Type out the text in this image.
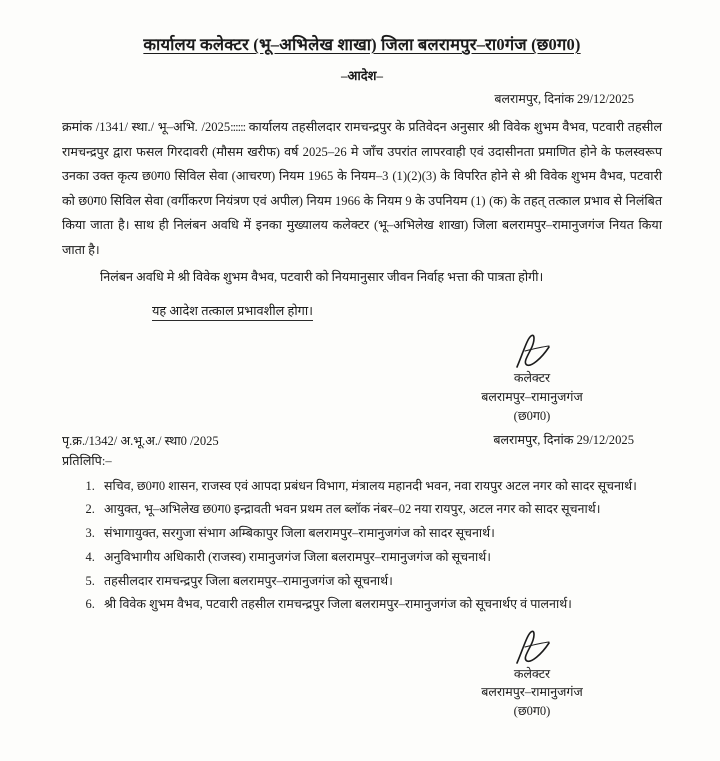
कार्यालय कलेक्टर (भू–अभिलेख शाखा) जिला बलरामपुर–रा0गंज (छ0ग0)
–आदेश–
बलरामपुर, दिनांक 29/12/2025

क्रमांक /1341/ स्था./ भू–अभि. /2025 :::::: कार्यालय तहसीलदार रामचन्द्रपुर के प्रतिवेदन अनुसार श्री विवेक शुभम वैभव, पटवारी तहसील रामचन्द्रपुर द्वारा फसल गिरदावरी (मौसम खरीफ) वर्ष 2025–26 मे जाँच उपरांत लापरवाही एवं उदासीनता प्रमाणित होने के फलस्वरूप उनका उक्त कृत्य छ0ग0 सिविल सेवा (आचरण) नियम 1965 के नियम–3 (1)(2)(3) के विपरित होने से श्री विवेक शुभम वैभव, पटवारी को छ0ग0 सिविल सेवा (वर्गीकरण नियंत्रण एवं अपील) नियम 1966 के नियम 9 के उपनियम (1) (क) के तहत् तत्काल प्रभाव से निलंबित किया जाता है। साथ ही निलंबन अवधि में इनका मुख्यालय कलेक्टर (भू–अभिलेख शाखा) जिला बलरामपुर–रामानुजगंज नियत किया जाता है।

निलंबन अवधि मे श्री विवेक शुभम वैभव, पटवारी को नियमानुसार जीवन निर्वाह भत्ता की पात्रता होगी।

यह आदेश तत्काल प्रभावशील होगा।
कलेक्टर
बलरामपुर–रामानुजगंज
(छ0ग0)
पृ.क्र./1342/ अ.भू.अ./ स्था0 /2025
प्रतिलिपि:–
बलरामपुर, दिनांक 29/12/2025
1. सचिव, छ0ग0 शासन, राजस्व एवं आपदा प्रबंधन विभाग, मंत्रालय महानदी भवन, नवा रायपुर अटल नगर को सादर सूचनार्थ।
2. आयुक्त, भू–अभिलेख छ0ग0 इन्द्रावती भवन प्रथम तल ब्लॉक नंबर–02 नया रायपुर, अटल नगर को सादर सूचनार्थ।
3. संभागायुक्त, सरगुजा संभाग अम्बिकापुर जिला बलरामपुर–रामानुजगंज को सादर सूचनार्थ।
4. अनुविभागीय अधिकारी (राजस्व) रामानुजगंज जिला बलरामपुर–रामानुजगंज को सूचनार्थ।
5. तहसीलदार रामचन्द्रपुर जिला बलरामपुर–रामानुजगंज को सूचनार्थ।
6. श्री विवेक शुभम वैभव, पटवारी तहसील रामचन्द्रपुर जिला बलरामपुर–रामानुजगंज को सूचनार्थए वं पालनार्थ।
कलेक्टर
बलरामपुर–रामानुजगंज
(छ0ग0)
